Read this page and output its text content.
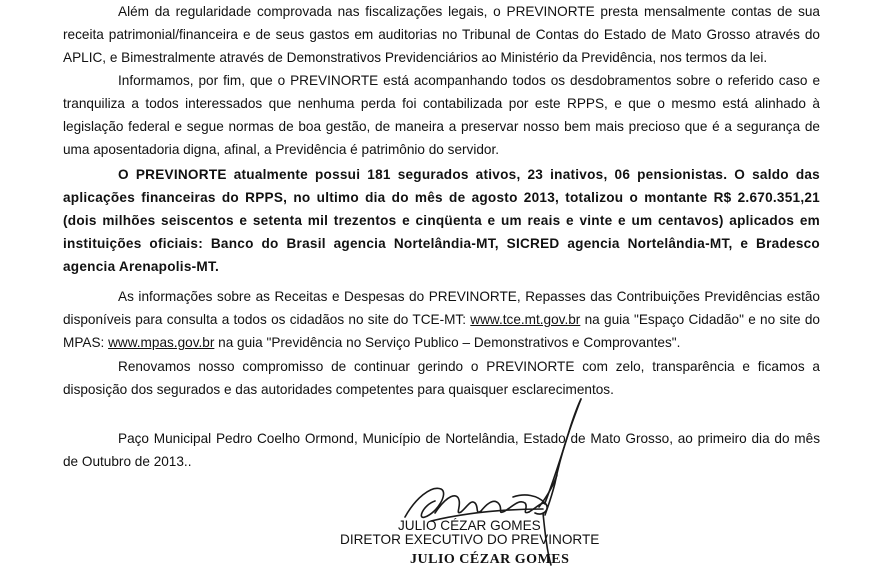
Além da regularidade comprovada nas fiscalizações legais, o PREVINORTE presta mensalmente contas de sua receita patrimonial/financeira e de seus gastos em auditorias no Tribunal de Contas do Estado de Mato Grosso através do APLIC, e Bimestralmente através de Demonstrativos Previdenciários ao Ministério da Previdência, nos termos da lei.

Informamos, por fim, que o PREVINORTE está acompanhando todos os desdobramentos sobre o referido caso e tranquiliza a todos interessados que nenhuma perda foi contabilizada por este RPPS, e que o mesmo está alinhado à legislação federal e segue normas de boa gestão, de maneira a preservar nosso bem mais precioso que é a segurança de uma aposentadoria digna, afinal, a Previdência é patrimônio do servidor.

O PREVINORTE atualmente possui 181 segurados ativos, 23 inativos, 06 pensionistas. O saldo das aplicações financeiras do RPPS, no ultimo dia do mês de agosto 2013, totalizou o montante R$ 2.670.351,21 (dois milhões seiscentos e setenta mil trezentos e cinqüenta e um reais e vinte e um centavos) aplicados em instituições oficiais: Banco do Brasil agencia Nortelândia-MT, SICRED agencia Nortelândia-MT, e Bradesco agencia Arenapolis-MT.

As informações sobre as Receitas e Despesas do PREVINORTE, Repasses das Contribuições Previdências estão disponíveis para consulta a todos os cidadãos no site do TCE-MT: www.tce.mt.gov.br na guia "Espaço Cidadão" e no site do MPAS: www.mpas.gov.br na guia "Previdência no Serviço Publico – Demonstrativos e Comprovantes".

Renovamos nosso compromisso de continuar gerindo o PREVINORTE com zelo, transparência e ficamos a disposição dos segurados e das autoridades competentes para quaisquer esclarecimentos.

Paço Municipal Pedro Coelho Ormond, Município de Nortelândia, Estado de Mato Grosso, ao primeiro dia do mês de Outubro de 2013..

JULIO CÉZAR GOMES
DIRETOR EXECUTIVO DO PREVINORTE
JULIO CÉZAR GOMES
